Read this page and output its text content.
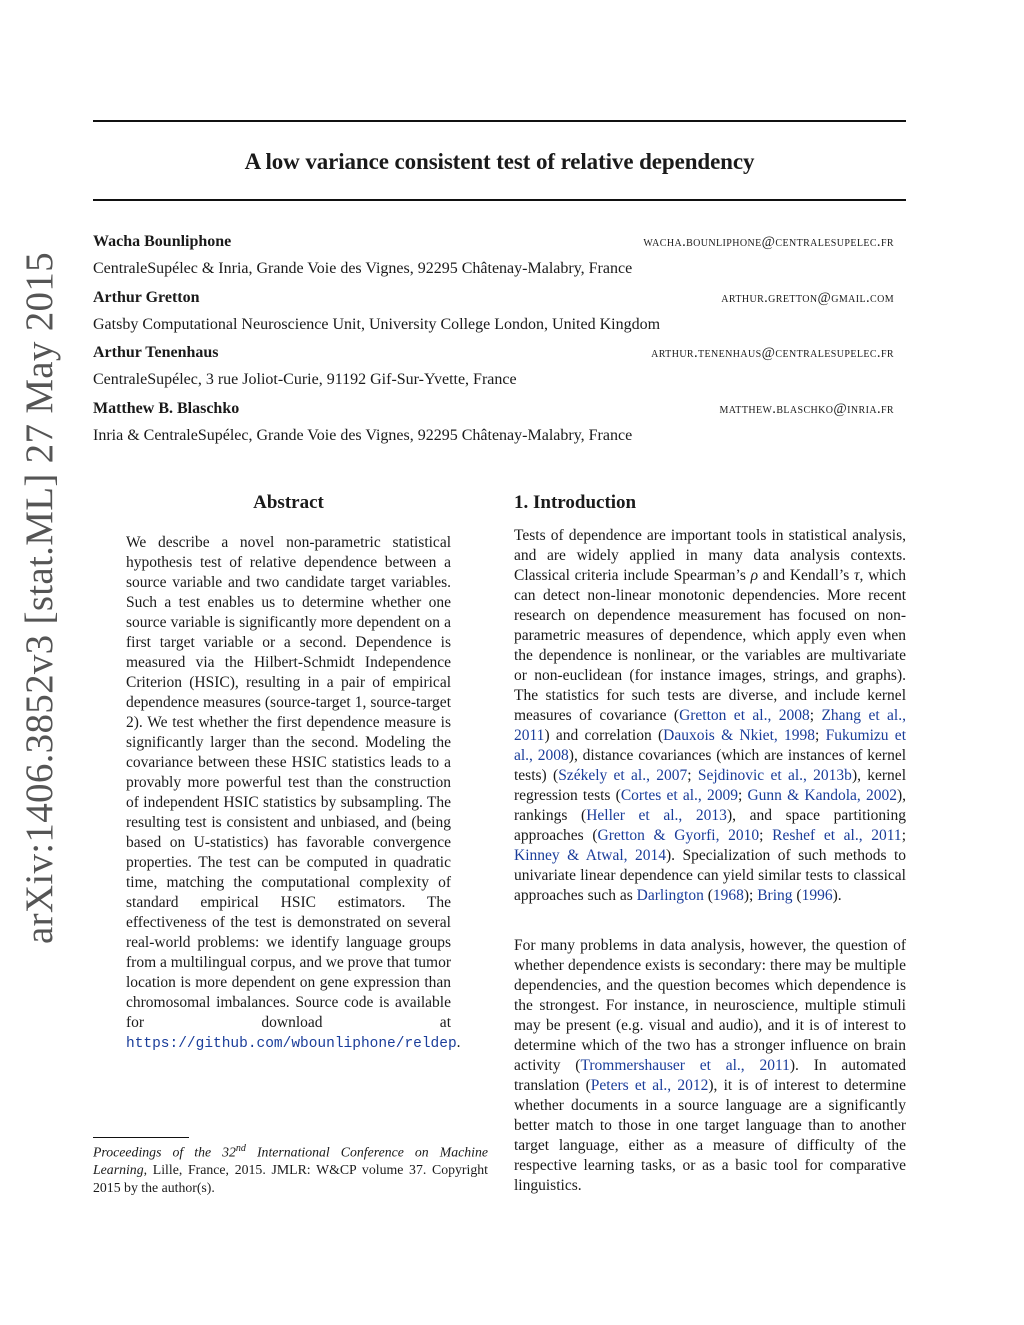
A low variance consistent test of relative dependency
Wacha Bounliphone	wacha.bounliphone@centralesupelec.fr
CentraleSupélec & Inria, Grande Voie des Vignes, 92295 Châtenay-Malabry, France
Arthur Gretton	arthur.gretton@gmail.com
Gatsby Computational Neuroscience Unit, University College London, United Kingdom
Arthur Tenenhaus	arthur.tenenhaus@centralesupelec.fr
CentraleSupélec, 3 rue Joliot-Curie, 91192 Gif-Sur-Yvette, France
Matthew B. Blaschko	matthew.blaschko@inria.fr
Inria & CentraleSupélec, Grande Voie des Vignes, 92295 Châtenay-Malabry, France
arXiv:1406.3852v3 [stat.ML] 27 May 2015	Abstract

We describe a novel non-parametric statistical hypothesis test of relative dependence between a source variable and two candidate target variables. Such a test enables us to determine whether one source variable is significantly more dependent on a first target variable or a second. Dependence is measured via the Hilbert-Schmidt Independence Criterion (HSIC), resulting in a pair of empirical dependence measures (source-target 1, source-target 2). We test whether the first dependence measure is significantly larger than the second. Modeling the covariance between these HSIC statistics leads to a provably more powerful test than the construction of independent HSIC statistics by subsampling. The resulting test is consistent and unbiased, and (being based on U-statistics) has favorable convergence properties. The test can be computed in quadratic time, matching the computational complexity of standard empirical HSIC estimators. The effectiveness of the test is demonstrated on several real-world problems: we identify language groups from a multilingual corpus, and we prove that tumor location is more dependent on gene expression than chromosomal imbalances. Source code is available for download at https://github.com/wbounliphone/reldep.

Proceedings of the 32nd International Conference on Machine Learning, Lille, France, 2015. JMLR: W&CP volume 37. Copyright 2015 by the author(s).

1. Introduction

Tests of dependence are important tools in statistical analysis, and are widely applied in many data analysis contexts. Classical criteria include Spearman’s ρ and Kendall’s τ, which can detect non-linear monotonic dependencies. More recent research on dependence measurement has focused on non-parametric measures of dependence, which apply even when the dependence is nonlinear, or the variables are multivariate or non-euclidean (for instance images, strings, and graphs). The statistics for such tests are diverse, and include kernel measures of covariance (Gretton et al., 2008; Zhang et al., 2011) and correlation (Dauxois & Nkiet, 1998; Fukumizu et al., 2008), distance covariances (which are instances of kernel tests) (Székely et al., 2007; Sejdinovic et al., 2013b), kernel regression tests (Cortes et al., 2009; Gunn & Kandola, 2002), rankings (Heller et al., 2013), and space partitioning approaches (Gretton & Gyorfi, 2010; Reshef et al., 2011; Kinney & Atwal, 2014). Specialization of such methods to univariate linear dependence can yield similar tests to classical approaches such as Darlington (1968); Bring (1996).

For many problems in data analysis, however, the question of whether dependence exists is secondary: there may be multiple dependencies, and the question becomes which dependence is the strongest. For instance, in neuroscience, multiple stimuli may be present (e.g. visual and audio), and it is of interest to determine which of the two has a stronger influence on brain activity (Trommershauser et al., 2011). In automated translation (Peters et al., 2012), it is of interest to determine whether documents in a source language are a significantly better match to those in one target language than to another target language, either as a measure of difficulty of the respective learning tasks, or as a basic tool for comparative linguistics.
